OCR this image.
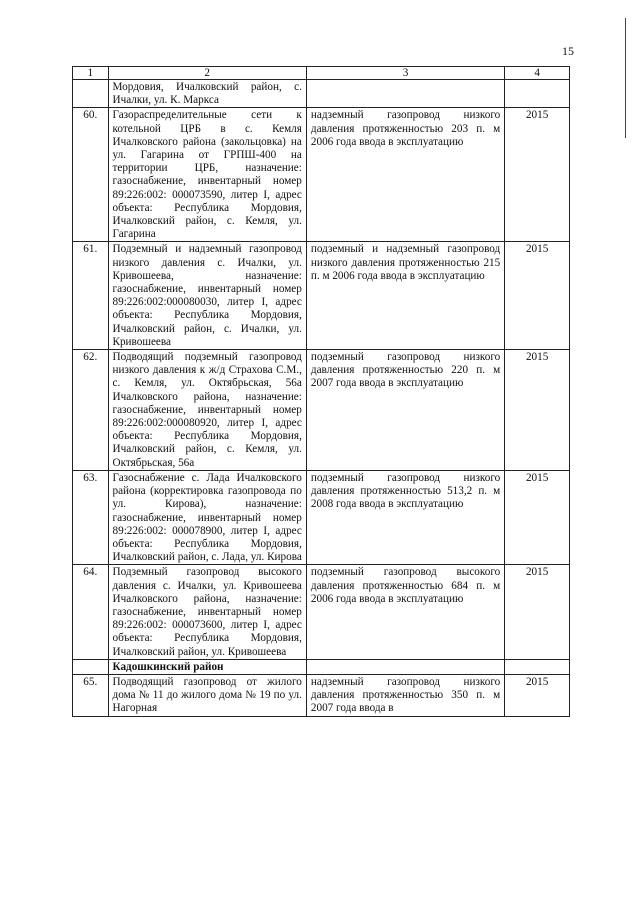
15
1	2	3	4
	Мордовия, Ичалковский район, с. Ичалки, ул. К. Маркса		
60.	Газораспределительные сети к котельной ЦРБ в с. Кемля Ичалковского района (закольцовка) на ул. Гагарина от ГРПШ-400 на территории ЦРБ, назначение: газоснабжение, инвентарный номер 89:226:002: 000073590, литер I, адрес объекта: Республика Мордовия, Ичалковский район, с. Кемля, ул. Гагарина	надземный газопровод низкого давления протяженностью 203 п. м 2006 года ввода в эксплуатацию	2015
61.	Подземный и надземный газопровод низкого давления с. Ичалки, ул. Кривошеева, назначение: газоснабжение, инвентарный номер 89:226:002:000080030, литер I, адрес объекта: Республика Мордовия, Ичалковский район, с. Ичалки, ул. Кривошеева	подземный и надземный газопровод низкого давления протяженностью 215 п. м 2006 года ввода в эксплуатацию	2015
62.	Подводящий подземный газопровод низкого давления к ж/д Страхова С.М., с. Кемля, ул. Октябрьская, 56а Ичалковского района, назначение: газоснабжение, инвентарный номер 89:226:002:000080920, литер I, адрес объекта: Республика Мордовия, Ичалковский район, с. Кемля, ул. Октябрьская, 56а	подземный газопровод низкого давления протяженностью 220 п. м 2007 года ввода в эксплуатацию	2015
63.	Газоснабжение с. Лада Ичалковского района (корректировка газопровода по ул. Кирова), назначение: газоснабжение, инвентарный номер 89:226:002: 000078900, литер I, адрес объекта: Республика Мордовия, Ичалковский район, с. Лада, ул. Кирова	подземный газопровод низкого давления протяженностью 513,2 п. м 2008 года ввода в эксплуатацию	2015
64.	Подземный газопровод высокого давления с. Ичалки, ул. Кривошеева Ичалковского района, назначение: газоснабжение, инвентарный номер 89:226:002: 000073600, литер I, адрес объекта: Республика Мордовия, Ичалковский район, ул. Кривошеева	подземный газопровод высокого давления протяженностью 684 п. м 2006 года ввода в эксплуатацию	2015
	Кадошкинский район		
65.	Подводящий газопровод от жилого дома № 11 до жилого дома № 19 по ул. Нагорная	надземный газопровод низкого давления протяженностью 350 п. м 2007 года ввода в	2015
